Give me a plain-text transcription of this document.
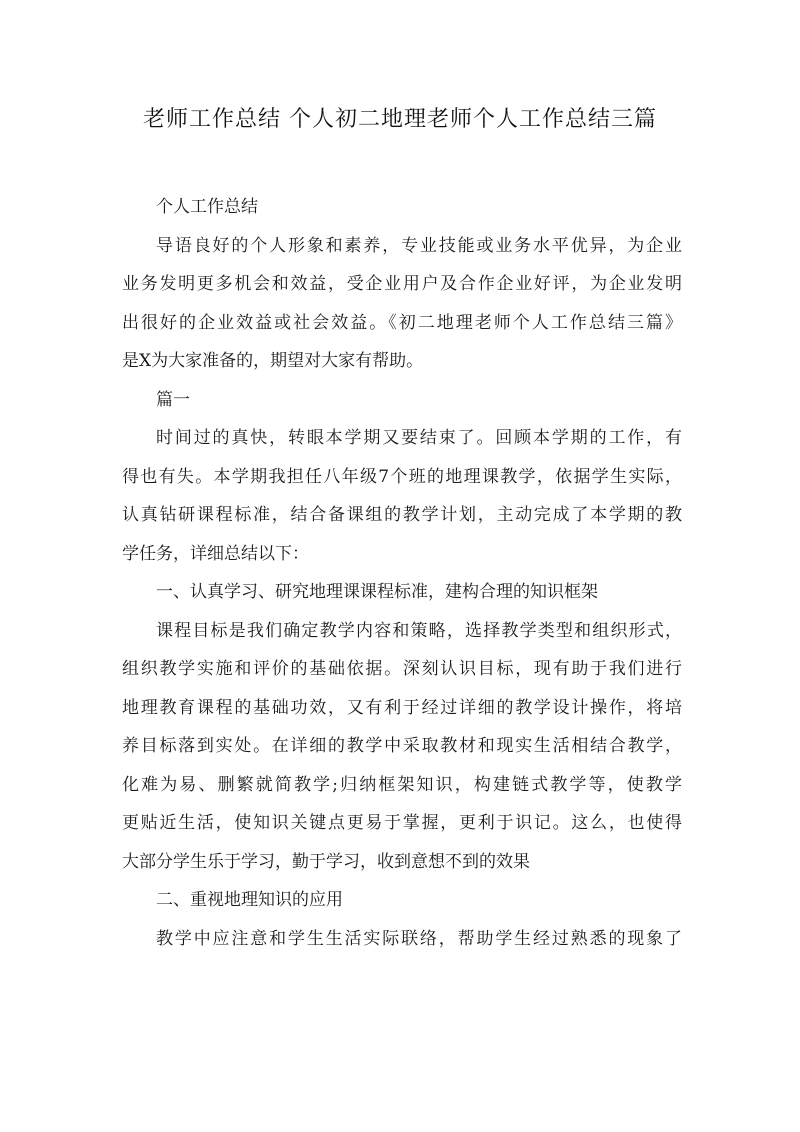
老师工作总结 个人初二地理老师个人工作总结三篇
个人工作总结
导语良好的个人形象和素养，专业技能或业务水平优异，为企业
业务发明更多机会和效益，受企业用户及合作企业好评，为企业发明
出很好的企业效益或社会效益。《初二地理老师个人工作总结三篇》
是X为大家准备的，期望对大家有帮助。
篇一
时间过的真快，转眼本学期又要结束了。回顾本学期的工作，有
得也有失。本学期我担任八年级7个班的地理课教学，依据学生实际，
认真钻研课程标准，结合备课组的教学计划，主动完成了本学期的教
学任务，详细总结以下：
一、认真学习、研究地理课课程标准，建构合理的知识框架
课程目标是我们确定教学内容和策略，选择教学类型和组织形式，
组织教学实施和评价的基础依据。深刻认识目标，现有助于我们进行
地理教育课程的基础功效，又有利于经过详细的教学设计操作，将培
养目标落到实处。在详细的教学中采取教材和现实生活相结合教学，
化难为易、删繁就简教学;归纳框架知识，构建链式教学等，使教学
更贴近生活，使知识关键点更易于掌握，更利于识记。这么，也使得
大部分学生乐于学习，勤于学习，收到意想不到的效果
二、重视地理知识的应用
教学中应注意和学生生活实际联络，帮助学生经过熟悉的现象了
